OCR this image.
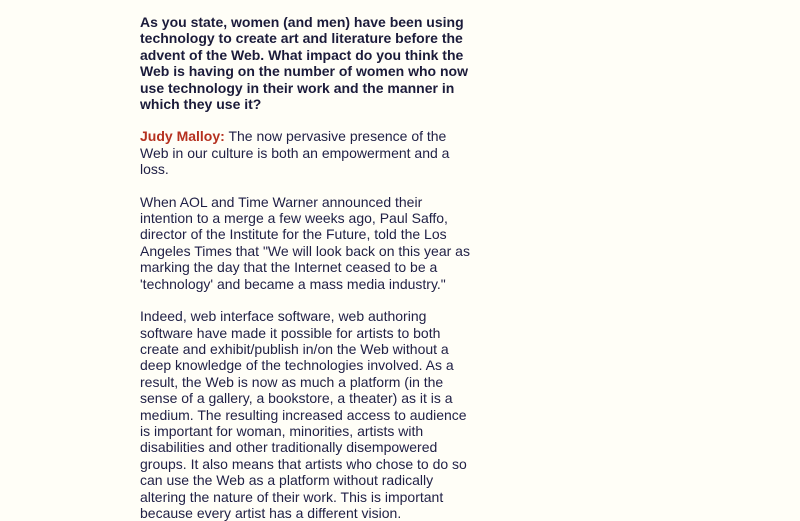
As you state, women (and men) have been using technology to create art and literature before the advent of the Web. What impact do you think the Web is having on the number of women who now use technology in their work and the manner in which they use it?

Judy Malloy: The now pervasive presence of the Web in our culture is both an empowerment and a loss.

When AOL and Time Warner announced their intention to a merge a few weeks ago, Paul Saffo, director of the Institute for the Future, told the Los Angeles Times that "We will look back on this year as marking the day that the Internet ceased to be a 'technology' and became a mass media industry."

Indeed, web interface software, web authoring software have made it possible for artists to both create and exhibit/publish in/on the Web without a deep knowledge of the technologies involved. As a result, the Web is now as much a platform (in the sense of a gallery, a bookstore, a theater) as it is a medium. The resulting increased access to audience is important for woman, minorities, artists with disabilities and other traditionally disempowered groups. It also means that artists who chose to do so can use the Web as a platform without radically altering the nature of their work. This is important because every artist has a different vision.
